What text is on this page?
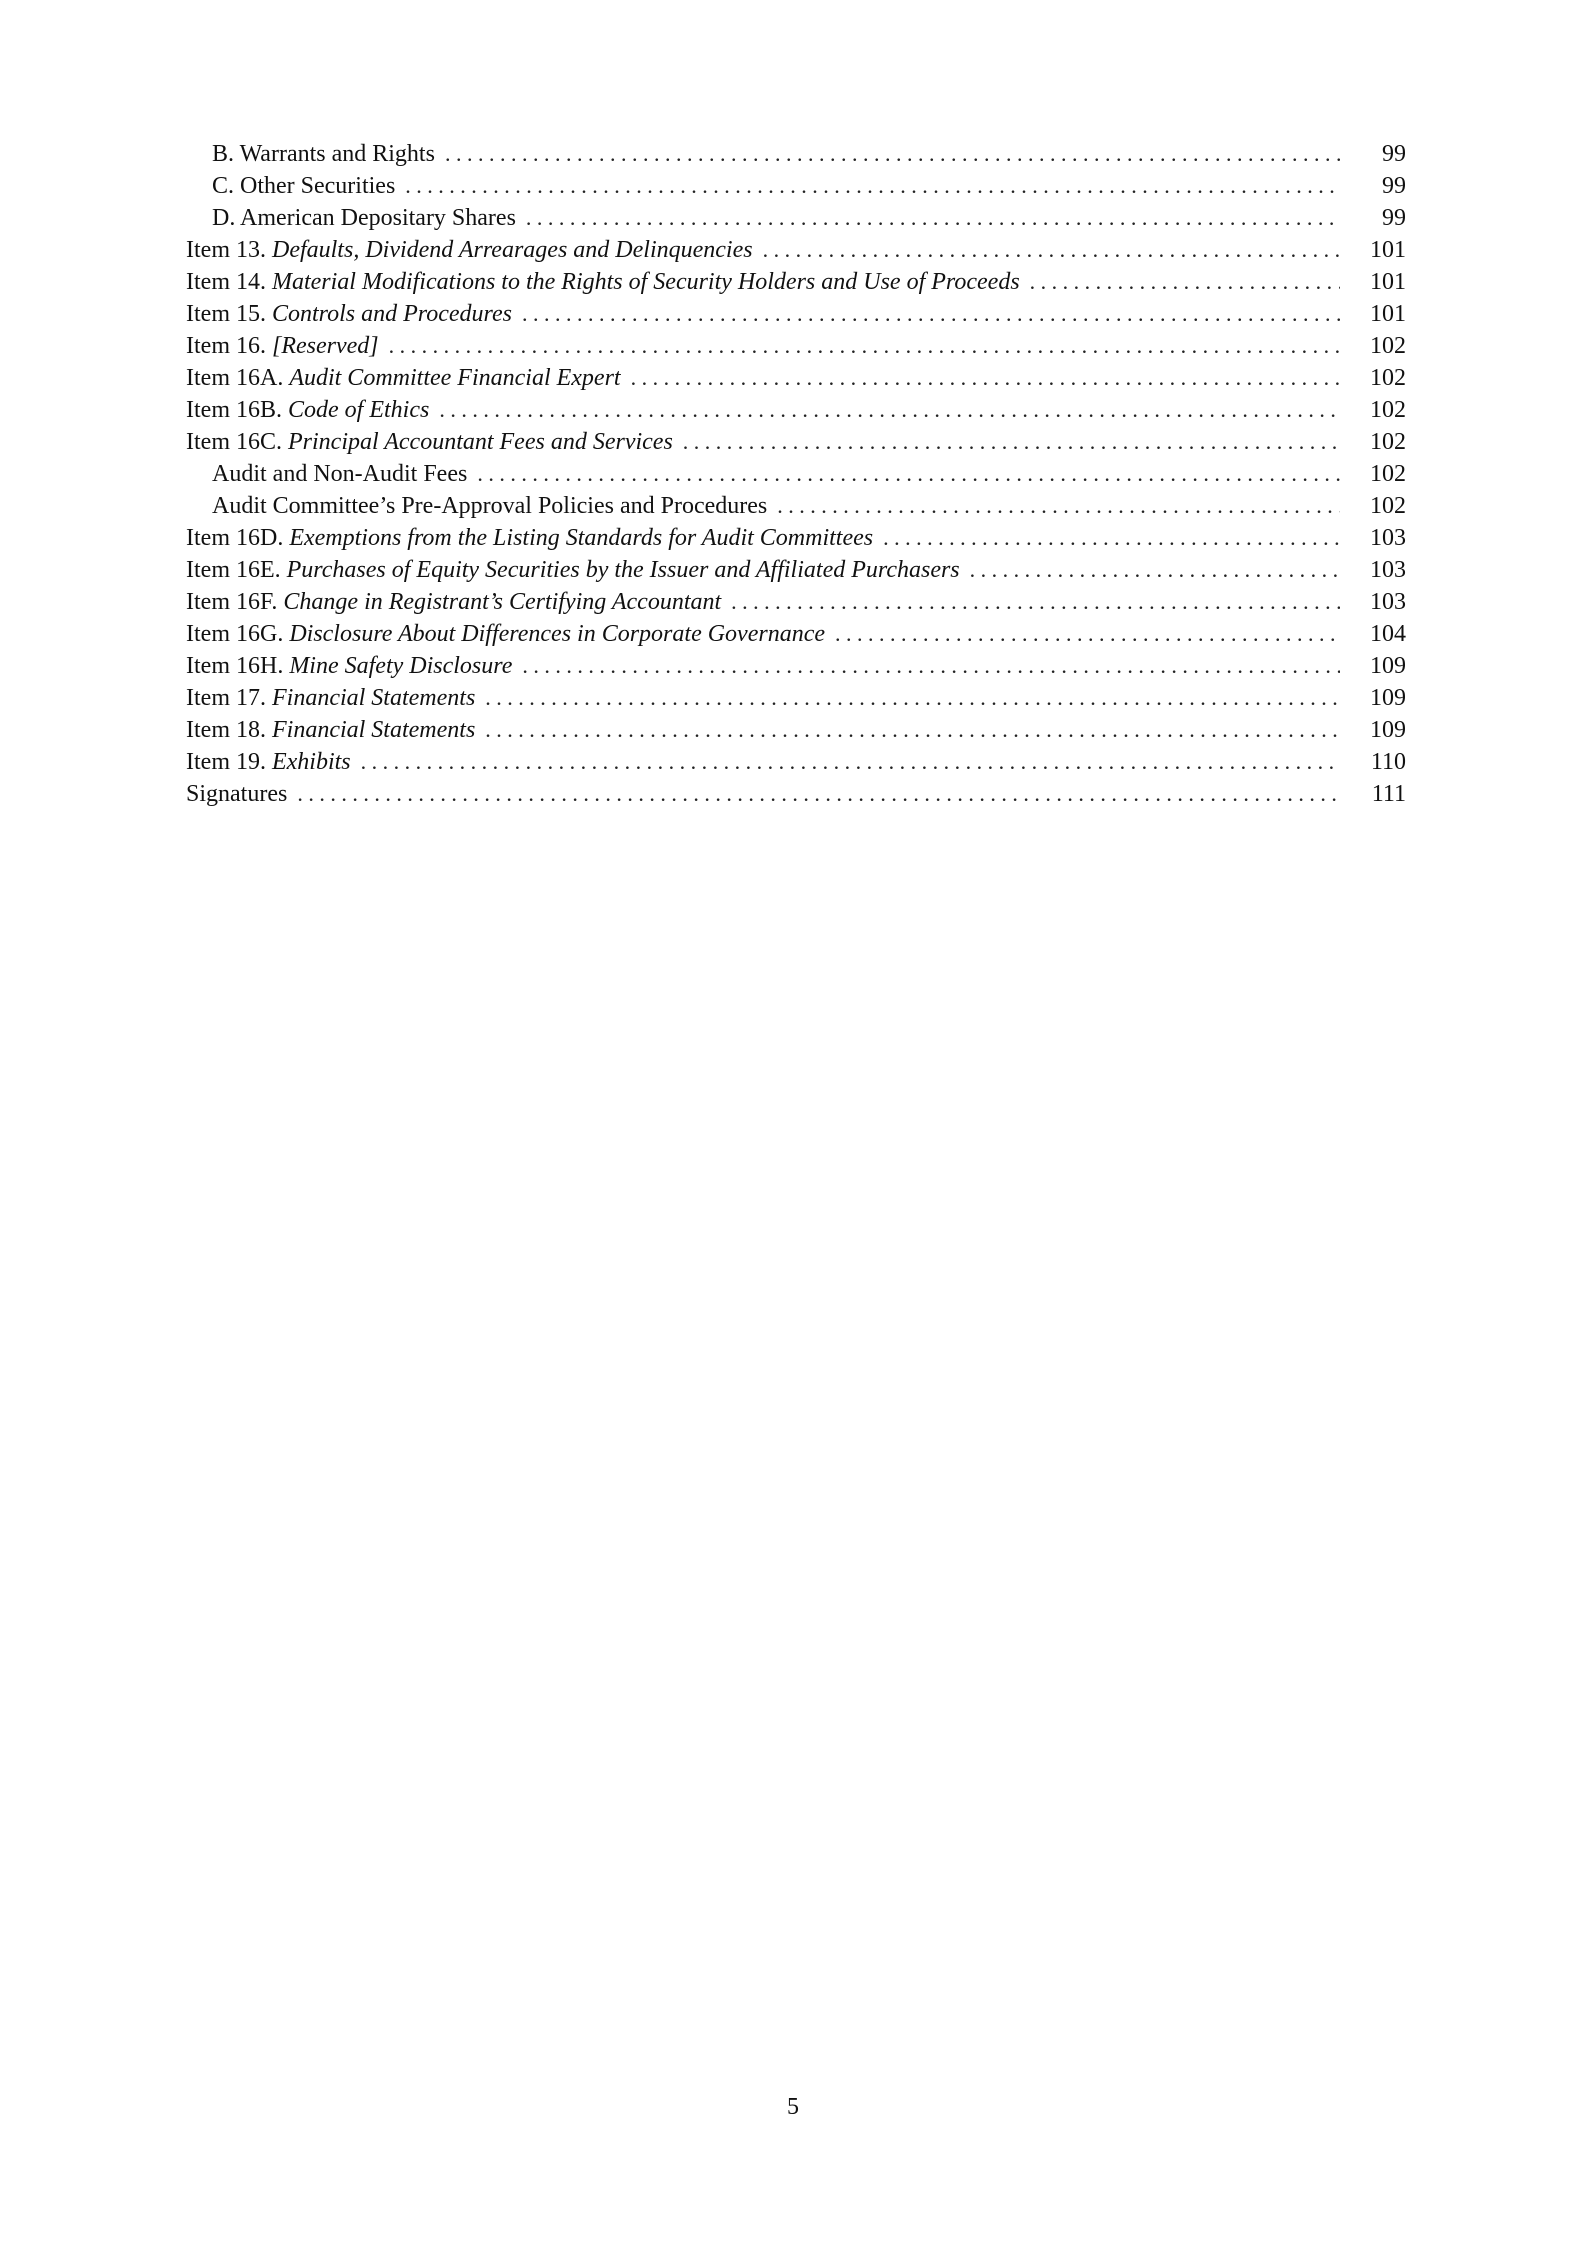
B. Warrants and Rights . . .	99
C. Other Securities . . .	99
D. American Depositary Shares . . .	99
Item 13. Defaults, Dividend Arrearages and Delinquencies . . .	101
Item 14. Material Modifications to the Rights of Security Holders and Use of Proceeds . . .	101
Item 15. Controls and Procedures . . .	101
Item 16. [Reserved] . . .	102
Item 16A. Audit Committee Financial Expert . . .	102
Item 16B. Code of Ethics . . .	102
Item 16C. Principal Accountant Fees and Services . . .	102
Audit and Non-Audit Fees . . .	102
Audit Committee’s Pre-Approval Policies and Procedures . . .	102
Item 16D. Exemptions from the Listing Standards for Audit Committees . . .	103
Item 16E. Purchases of Equity Securities by the Issuer and Affiliated Purchasers . . .	103
Item 16F. Change in Registrant’s Certifying Accountant . . .	103
Item 16G. Disclosure About Differences in Corporate Governance . . .	104
Item 16H. Mine Safety Disclosure . . .	109
Item 17. Financial Statements . . .	109
Item 18. Financial Statements . . .	109
Item 19. Exhibits . . .	110
Signatures . . .	111
5
